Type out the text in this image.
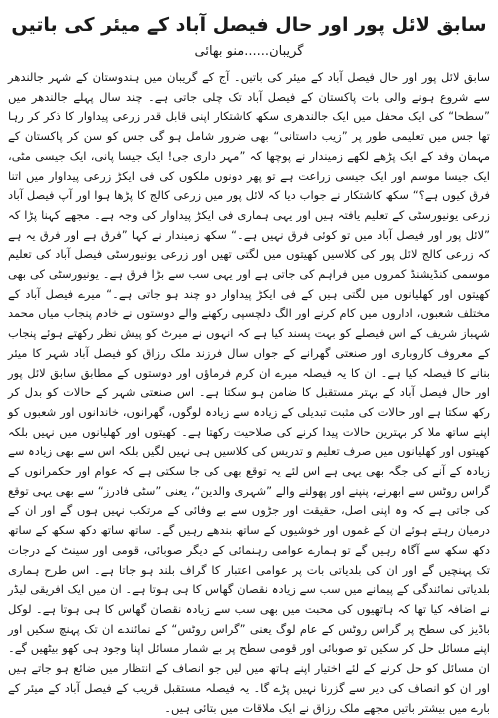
سابق لائل پور اور حال فیصل آباد کے میئر کی باتیں
گریبان......منو بھائی

سابق لائل پور اور حال فیصل آباد کے میئر کی باتیں۔ آج کے گریبان میں ہندوستان کے شہر جالندھر سے شروع ہونے والی بات پاکستان کے فیصل آباد تک چلی جاتی ہے۔ چند سال پہلے جالندھر میں ”سطحا“ کی ایک محفل میں ایک جالندھری سکھ کاشتکار اپنی قابل قدر زرعی پیداوار کا ذکر کر رہا تھا جس میں تعلیمی طور پر ”زیب داستانی“ بھی ضرور شامل ہو گی جس کو سن کر پاکستان کے مہمان وفد کے ایک پڑھے لکھے زمیندار نے پوچھا کہ ”مہر داری جی! ایک جیسا پانی، ایک جیسی مٹی، ایک جیسا موسم اور ایک جیسی زراعت ہے تو پھر دونوں ملکوں کی فی ایکڑ زرعی پیداوار میں اتنا فرق کیوں ہے؟“ سکھ کاشتکار نے جواب دیا کہ لائل پور میں زرعی کالج کا پڑھا ہوا اور آپ فیصل آباد زرعی یونیورسٹی کے تعلیم یافتہ ہیں اور یہی ہماری فی ایکڑ پیداوار کی وجہ ہے۔ مجھے کہنا پڑا کہ ”لائل پور اور فیصل آباد میں تو کوئی فرق نہیں ہے۔“ سکھ زمیندار نے کہا ”فرق ہے اور فرق یہ ہے کہ زرعی کالج لائل پور کی کلاسیں کھیتوں میں لگتی تھیں اور زرعی یونیورسٹی فیصل آباد کی تعلیم موسمی کنڈیشنڈ کمروں میں فراہم کی جاتی ہے اور یہی سب سے بڑا فرق ہے۔ یونیورسٹی کی بھی کھیتوں اور کھلیانوں میں لگتی ہیں کے فی ایکڑ پیداوار دو چند ہو جاتی ہے۔“ میرے فیصل آباد کے مختلف شعبوں، اداروں میں کام کرنے اور الگ دلچسپی رکھنے والے دوستوں نے خادم پنجاب میاں محمد شہباز شریف کے اس فیصلے کو بہت پسند کیا ہے کہ انہوں نے میرٹ کو پیش نظر رکھتے ہوئے پنجاب کے معروف کاروباری اور صنعتی گھرانے کے جواں سال فرزند ملک رزاق کو فیصل آباد شہر کا میئر بنانے کا فیصلہ کیا ہے۔ ان کا یہ فیصلہ میرے ان کرم فرماؤں اور دوستوں کے مطابق سابق لائل پور اور حال فیصل آباد کے بہتر مستقبل کا ضامن ہو سکتا ہے۔ اس صنعتی شہر کے حالات کو بدل کر رکھ سکتا ہے اور حالات کی مثبت تبدیلی کے زیادہ سے زیادہ لوگوں، گھرانوں، خاندانوں اور شعبوں کو اپنے ساتھ ملا کر بہترین حالات پیدا کرنے کی صلاحیت رکھتا ہے۔ کھیتوں اور کھلیانوں میں نہیں بلکہ کھیتوں اور کھلیانوں میں صرف تعلیم و تدریس کی کلاسیں ہی نہیں لگیں بلکہ اس سے بھی زیادہ سے زیادہ کے آنے کی جگہ بھی یہی ہے اس لئے یہ توقع بھی کی جا سکتی ہے کہ عوام اور حکمرانوں کے گراس روٹس سے ابھرنے، پنپنے اور پھولنے والے ”شہری والدین“، یعنی ”سٹی فادرز“ سے بھی یہی توقع کی جاتی ہے کہ وہ اپنی اصل، حقیقت اور جڑوں سے بے وفائی کے مرتکب نہیں ہوں گے اور ان کے درمیان رہتے ہوئے ان کے غموں اور خوشیوں کے ساتھ بندھے رہیں گے۔ ساتھ ساتھ دکھ سکھ کے ساتھ دکھ سکھ سے آگاہ رہیں گے تو ہمارے عوامی رہنمائی کے دیگر صوبائی، قومی اور سینٹ کے درجات تک پہنچیں گے اور ان کی بلدیاتی بات پر عوامی اعتبار کا گراف بلند ہو جاتا ہے۔ اس طرح ہماری بلدیاتی نمائندگی کے پیمانے میں سب سے زیادہ نقصان گھاس کا ہی ہوتا ہے۔ ان میں ایک افریقی لیڈر نے اضافہ کیا تھا کہ ہاتھیوں کی محبت میں بھی سب سے زیادہ نقصان گھاس کا ہی ہوتا ہے۔ لوکل باڈیز کی سطح پر گراس روٹس کے عام لوگ یعنی ”گراس روٹس“ کے نمائندے ان تک پہنچ سکیں اور اپنے مسائل حل کر سکیں تو صوبائی اور قومی سطح پر بے شمار مسائل اپنا وجود ہی کھو بیٹھیں گے۔ ان مسائل کو حل کرنے کے لئے اختیار اپنے ہاتھ میں لیں جو انصاف کے انتظار میں ضائع ہو جاتے ہیں اور ان کو انصاف کی دیر سے گزرنا نہیں پڑے گا۔ یہ فیصلہ مستقبل قریب کے فیصل آباد کے میئر کے بارے میں بیشتر باتیں مجھے ملک رزاق نے ایک ملاقات میں بتائی ہیں۔
